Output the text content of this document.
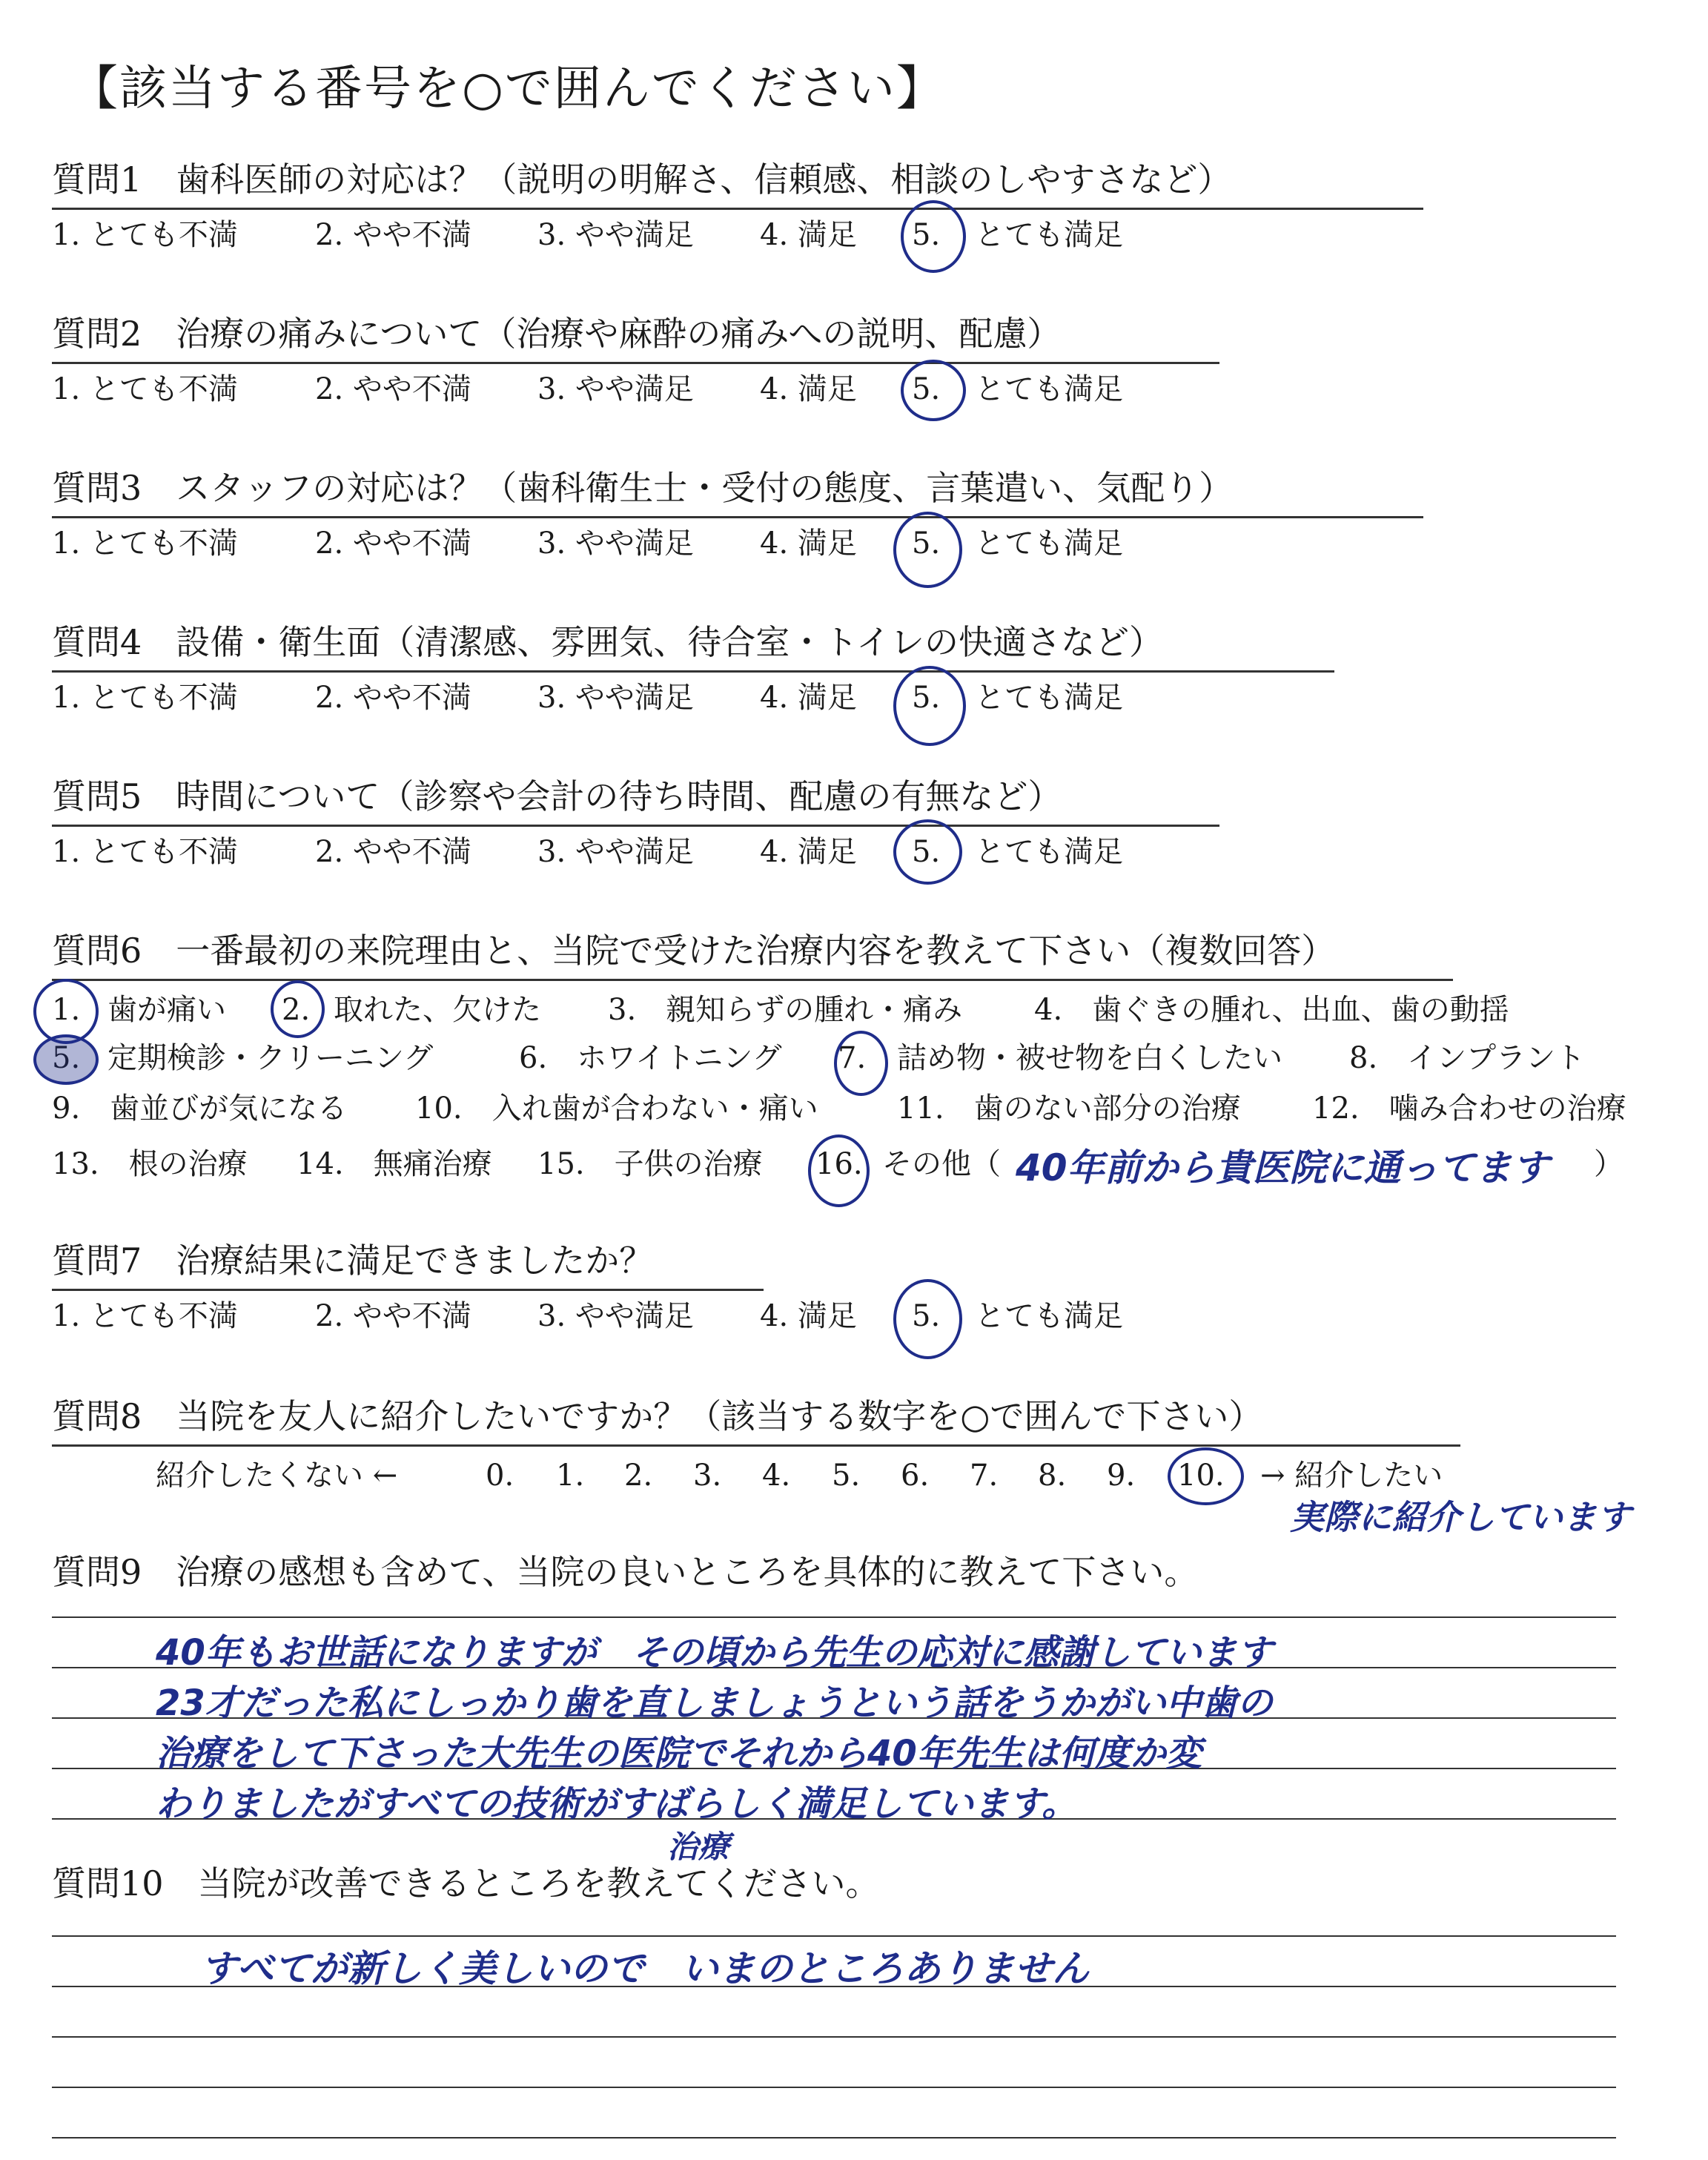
【該当する番号を○で囲んでください】
質問1　歯科医師の対応は？（説明の明解さ、信頼感、相談のしやすさなど）
1. とても不満	2. やや不満 3. やや満足 4. 満足 5. とても満足
質問2　治療の痛みについて（治療や麻酔の痛みへの説明、配慮）
1. とても不満	2. やや不満 3. やや満足 4. 満足 5. とても満足
質問3　スタッフの対応は？（歯科衛生士・受付の態度、言葉遣い、気配り）
1. とても不満	2. やや不満 3. やや満足 4. 満足 5. とても満足
質問4　設備・衛生面（清潔感、雰囲気、待合室・トイレの快適さなど）
1. とても不満	2. やや不満 3. やや満足 4. 満足 5. とても満足
質問5　時間について（診察や会計の待ち時間、配慮の有無など）
1. とても不満	2. やや不満 3. やや満足 4. 満足 5. とても満足
質問6　一番最初の来院理由と、当院で受けた治療内容を教えて下さい（複数回答）
1. 歯が痛い 2. 取れた、欠けた 3.　親知らずの腫れ・痛み 4.　歯ぐきの腫れ、出血、歯の動揺
5. 定期検診・クリーニング	6.　ホワイトニング 7. 詰め物・被せ物を白くしたい 8.　インプラント
9.　歯並びが気になる 10.　入れ歯が合わない・痛い	11.　歯のない部分の治療 12.　噛み合わせの治療
13.　根の治療 14.　無痛治療 15.　子供の治療 16. その他（	）
40年前から貴医院に通ってます
質問7　治療結果に満足できましたか？
1. とても不満	2. やや不満 3. やや満足 4. 満足 5. とても満足
質問8　当院を友人に紹介したいですか？（該当する数字を○で囲んで下さい）
紹介したくない ←	0. 1. 2. 3. 4. 5. 6. 7. 8. 9. 10. → 紹介したい
実際に紹介しています
質問9　治療の感想も含めて、当院の良いところを具体的に教えて下さい。
40年もお世話になりますが　その頃から先生の応対に感謝しています
23才だった私にしっかり歯を直しましょうという話をうかがい中歯の
治療をして下さった大先生の医院でそれから40年先生は何度か変
わりましたがすべての技術がすばらしく満足しています。
治療
質問10　当院が改善できるところを教えてください。
すべてが新しく美しいので　いまのところありません
